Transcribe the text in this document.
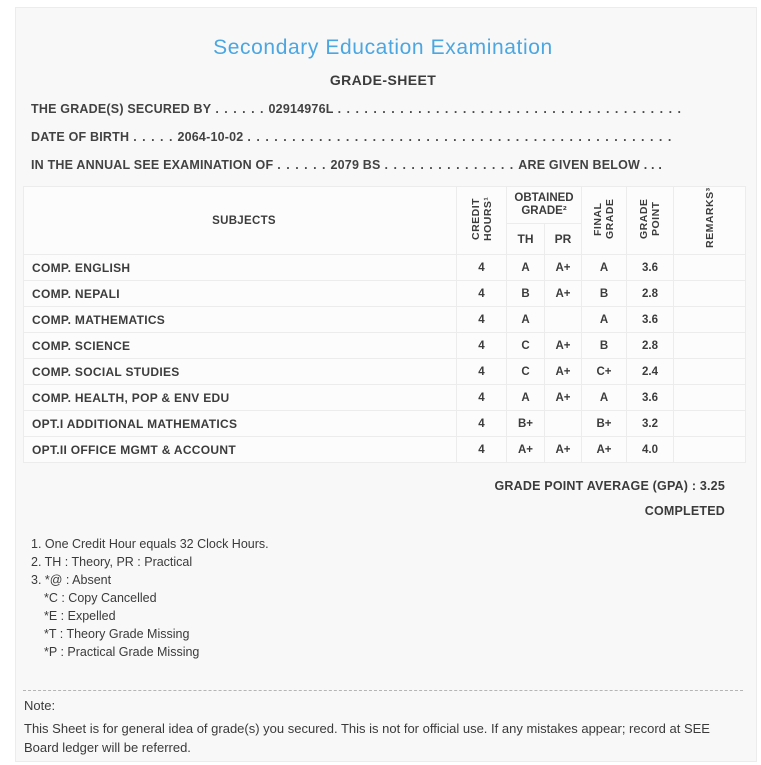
Secondary Education Examination
GRADE-SHEET
THE GRADE(S) SECURED BY . . . . . . 02914976L . . . . . . . . . . . . . . . . . . . . . . . . . . . . . . . . . . . . . . .
DATE OF BIRTH . . . . . 2064-10-02 . . . . . . . . . . . . . . . . . . . . . . . . . . . . . . . . . . . . . . . . . . . . . . . .
IN THE ANNUAL SEE EXAMINATION OF . . . . . . 2079 BS . . . . . . . . . . . . . . . ARE GIVEN BELOW . . .
SUBJECTS	CREDIT HOURS¹	OBTAINED GRADE²		FINAL GRADE	GRADE POINT	REMARKS³
		TH	PR			
COMP. ENGLISH	4	A	A+	A	3.6	
COMP. NEPALI	4	B	A+	B	2.8	
COMP. MATHEMATICS	4	A		A	3.6	
COMP. SCIENCE	4	C	A+	B	2.8	
COMP. SOCIAL STUDIES	4	C	A+	C+	2.4	
COMP. HEALTH, POP & ENV EDU	4	A	A+	A	3.6	
OPT.I ADDITIONAL MATHEMATICS	4	B+		B+	3.2	
OPT.II OFFICE MGMT & ACCOUNT	4	A+	A+	A+	4.0	
GRADE POINT AVERAGE (GPA) : 3.25
COMPLETED
1. One Credit Hour equals 32 Clock Hours.
2. TH : Theory, PR : Practical
3. *@ : Absent
*C : Copy Cancelled
*E : Expelled
*T : Theory Grade Missing
*P : Practical Grade Missing
Note:
This Sheet is for general idea of grade(s) you secured. This is not for official use. If any mistakes appear; record at SEE Board ledger will be referred.
